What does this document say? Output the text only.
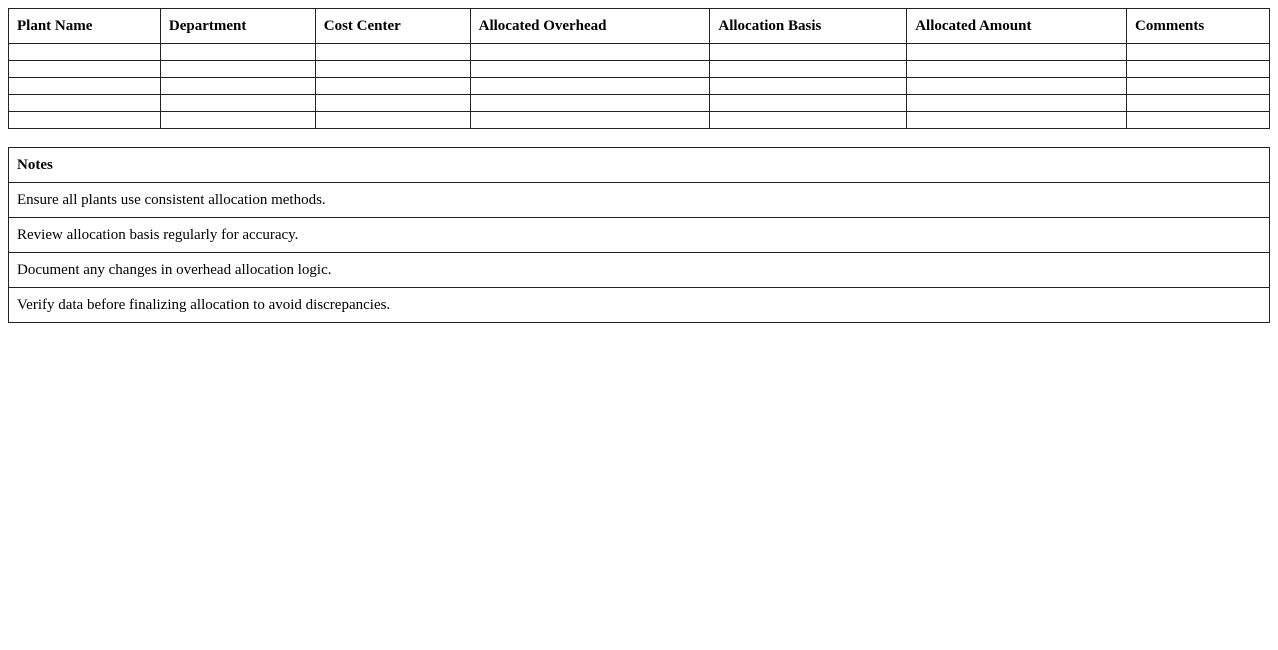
Plant Name	Department	Cost Center	Allocated Overhead	Allocation Basis	Allocated Amount	Comments

Notes
Ensure all plants use consistent allocation methods.
Review allocation basis regularly for accuracy.
Document any changes in overhead allocation logic.
Verify data before finalizing allocation to avoid discrepancies.
